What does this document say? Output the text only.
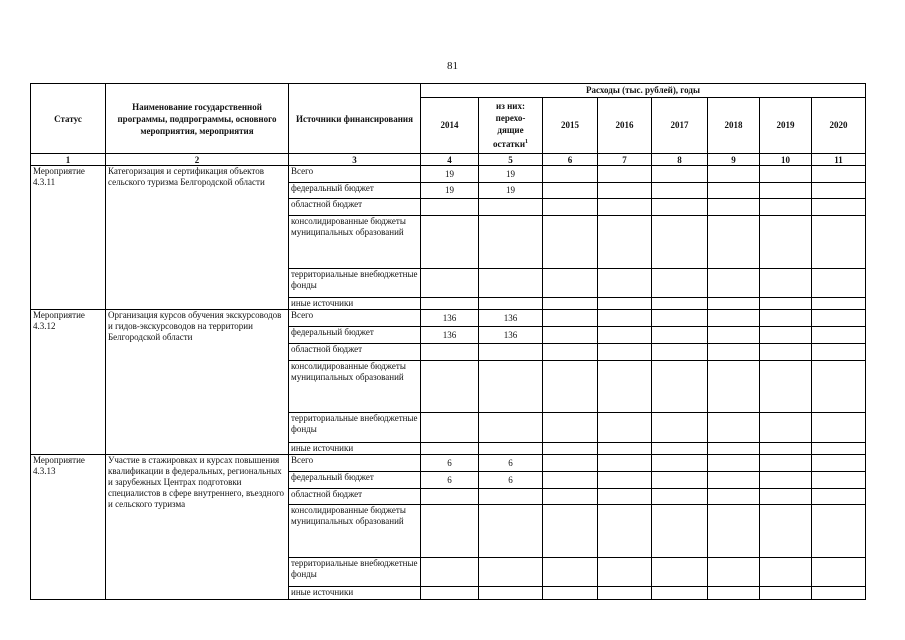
81
Статус	Наименование государственной программы, подпрограммы, основного мероприятия, мероприятия	Источники финансирования	Расходы (тыс. рублей), годы							
			2014	из них:
перехо-
дящие
остатки$^1$	2015	2016	2017	2018	2019	2020
1	2	3	4	5	6	7	8	9	10	11
Мероприятие 4.3.11	Категоризация и сертификация объектов сельского туризма Белгородской области	Всего	19	19						
		федеральный бюджет	19	19						
		областной бюджет								
		консолидированные бюджеты муниципальных образований								
		территориальные внебюджетные фонды								
		иные источники								
Мероприятие 4.3.12	Организация курсов обучения экскурсоводов и гидов-экскурсоводов на территории Белгородской области	Всего	136	136						
		федеральный бюджет	136	136						
		областной бюджет								
		консолидированные бюджеты муниципальных образований								
		территориальные внебюджетные фонды								
		иные источники								
Мероприятие 4.3.13	Участие в стажировках и курсах повышения квалификации в федеральных, региональных и зарубежных Центрах подготовки специалистов в сфере внутреннего, въездного и сельского туризма	Всего	6	6						
		федеральный бюджет	6	6						
		областной бюджет								
		консолидированные бюджеты муниципальных образований								
		территориальные внебюджетные фонды								
		иные источники								
